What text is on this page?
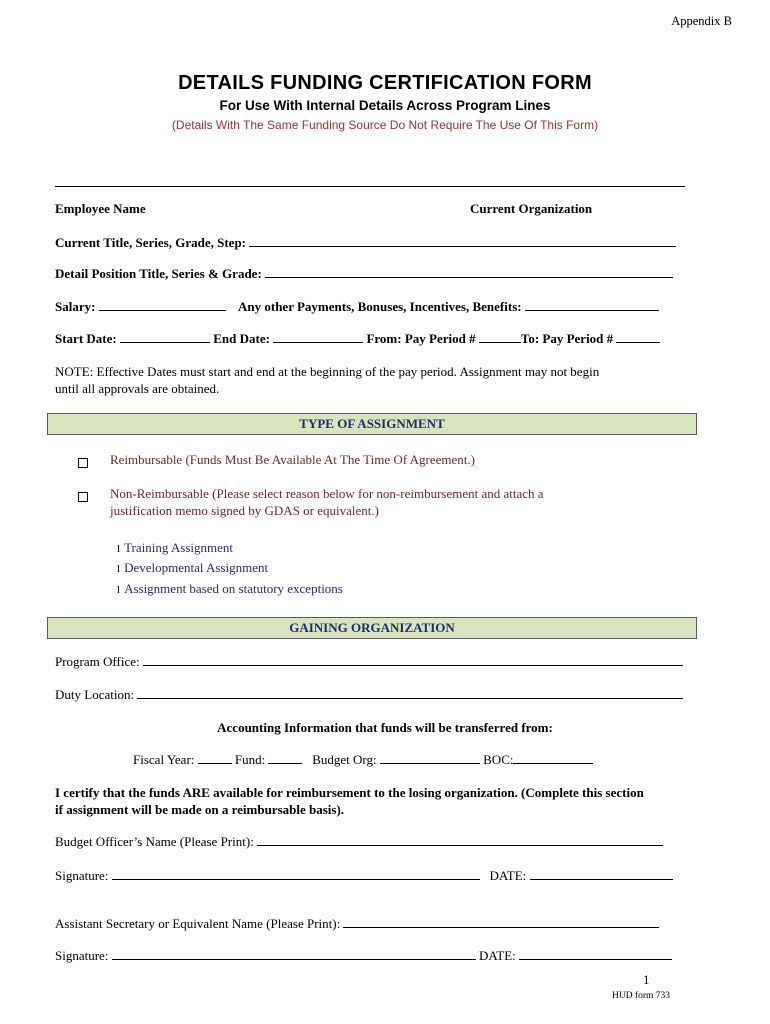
Appendix B
DETAILS FUNDING CERTIFICATION FORM
For Use With Internal Details Across Program Lines
(Details With The Same Funding Source Do Not Require The Use Of This Form)
Employee Name	Current Organization
Current Title, Series, Grade, Step:
Detail Position Title, Series & Grade:
Salary:	Any other Payments, Bonuses, Incentives, Benefits:
Start Date:	End Date:	From: Pay Period #	To: Pay Period #
NOTE: Effective Dates must start and end at the beginning of the pay period. Assignment may not begin
until all approvals are obtained.
TYPE OF ASSIGNMENT
Reimbursable (Funds Must Be Available At The Time Of Agreement.)
Non-Reimbursable (Please select reason below for non-reimbursement and attach a
justification memo signed by GDAS or equivalent.)
l Training Assignment
l Developmental Assignment
l Assignment based on statutory exceptions
GAINING ORGANIZATION
Program Office:
Duty Location:
Accounting Information that funds will be transferred from:
Fiscal Year:	Fund:	Budget Org:	BOC:
I certify that the funds ARE available for reimbursement to the losing organization. (Complete this section
if assignment will be made on a reimbursable basis).
Budget Officer’s Name (Please Print):
Signature:	DATE:
Assistant Secretary or Equivalent Name (Please Print):
Signature:	DATE:
1
HUD form 733
